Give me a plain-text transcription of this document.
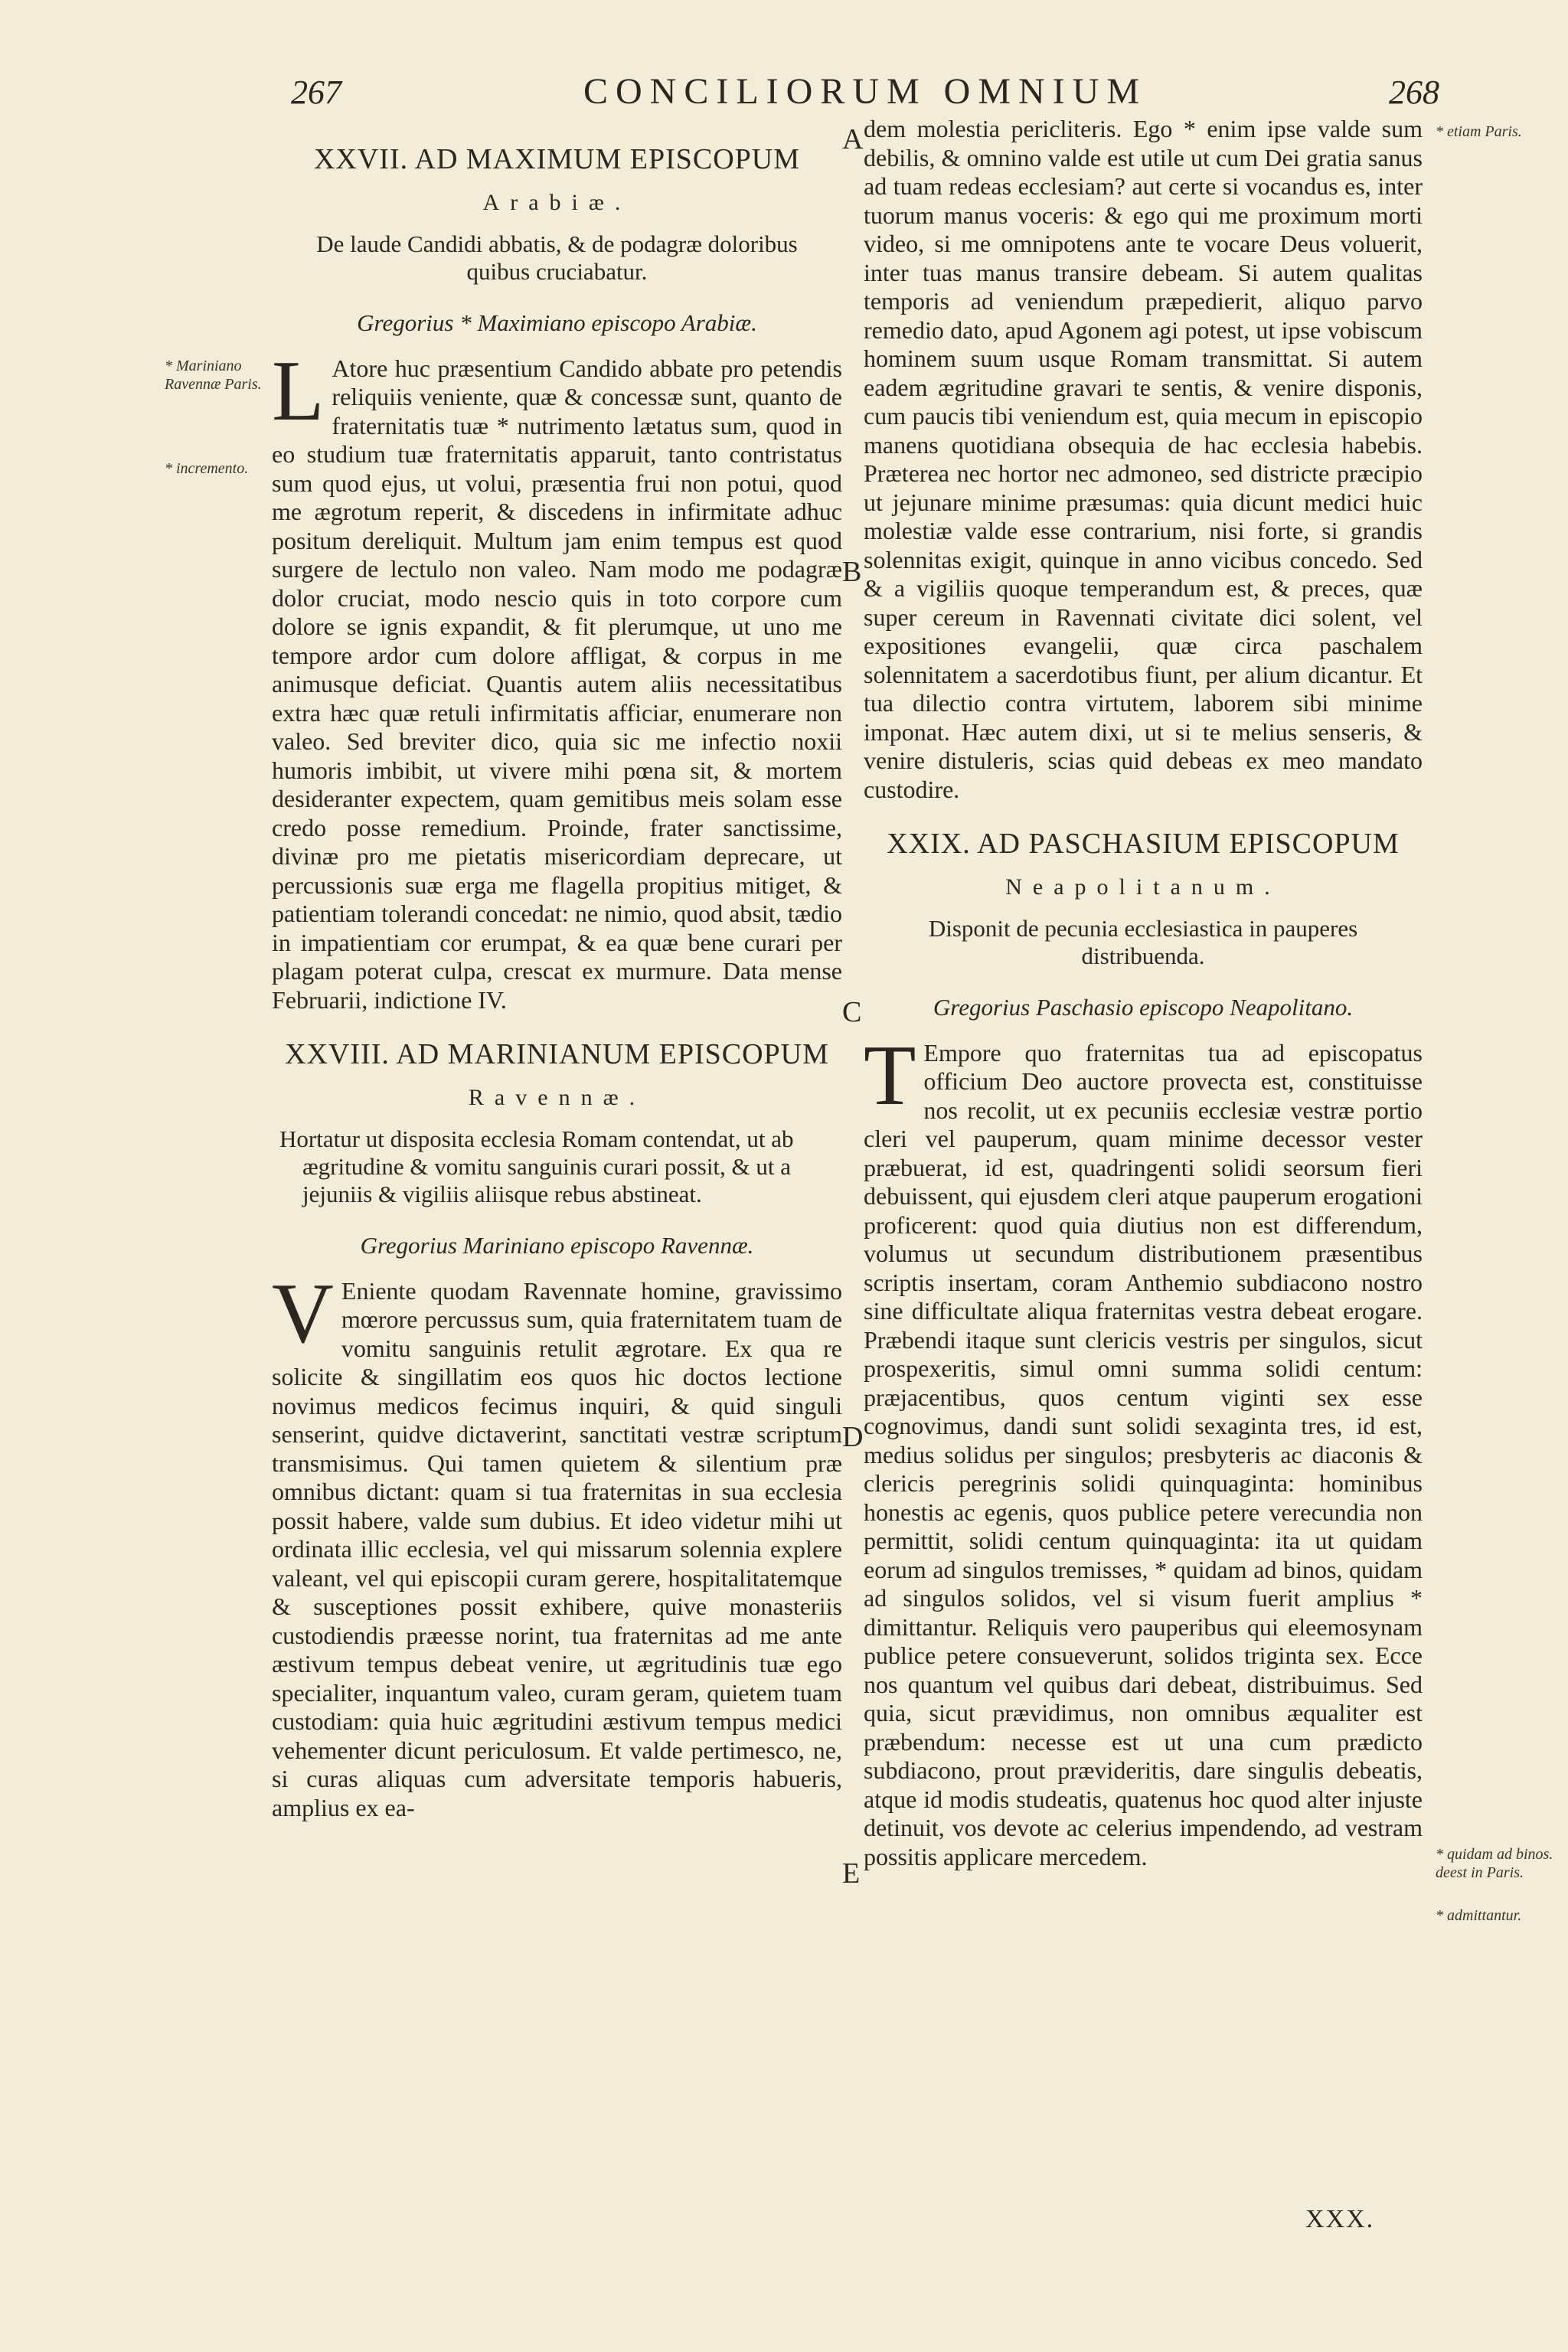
267	CONCILIORUM OMNIUM	268
* Mariniano Ravennæ Paris.
* incremento.
* etiam Paris.
* quidam ad binos. deest in Paris.
* admittantur.
A
B
C
D
E
XXVII. AD MAXIMUM EPISCOPUM
Arabiæ.
De laude Candidi abbatis, & de podagræ doloribus quibus cruciabatur.
Gregorius * Maximiano episcopo Arabiæ.

L Atore huc præsentium Candido abbate pro petendis reliquiis veniente, quæ & concessæ sunt, quanto de fraternitatis tuæ * nutrimento lætatus sum, quod in eo studium tuæ fraternitatis apparuit, tanto contristatus sum quod ejus, ut volui, præsentia frui non potui, quod me ægrotum reperit, & discedens in infirmitate adhuc positum dereliquit. Multum jam enim tempus est quod surgere de lectulo non valeo. Nam modo me podagræ dolor cruciat, modo nescio quis in toto corpore cum dolore se ignis expandit, & fit plerumque, ut uno me tempore ardor cum dolore affligat, & corpus in me animusque deficiat. Quantis autem aliis necessitatibus extra hæc quæ retuli infirmitatis afficiar, enumerare non valeo. Sed breviter dico, quia sic me infectio noxii humoris imbibit, ut vivere mihi pœna sit, & mortem desideranter expectem, quam gemitibus meis solam esse credo posse remedium. Proinde, frater sanctissime, divinæ pro me pietatis misericordiam deprecare, ut percussionis suæ erga me flagella propitius mitiget, & patientiam tolerandi concedat: ne nimio, quod absit, tædio in impatientiam cor erumpat, & ea quæ bene curari per plagam poterat culpa, crescat ex murmure. Data mense Februarii, indictione IV.

XXVIII. AD MARINIANUM EPISCOPUM
Ravennæ.
Hortatur ut disposita ecclesia Romam contendat, ut ab ægritudine & vomitu sanguinis curari possit, & ut a jejuniis & vigiliis aliisque rebus abstineat.
Gregorius Mariniano episcopo Ravennæ.

V Eniente quodam Ravennate homine, gravissimo mœrore percussus sum, quia fraternitatem tuam de vomitu sanguinis retulit ægrotare. Ex qua re solicite & singillatim eos quos hic doctos lectione novimus medicos fecimus inquiri, & quid singuli senserint, quidve dictaverint, sanctitati vestræ scriptum transmisimus. Qui tamen quietem & silentium præ omnibus dictant: quam si tua fraternitas in sua ecclesia possit habere, valde sum dubius. Et ideo videtur mihi ut ordinata illic ecclesia, vel qui missarum solennia explere valeant, vel qui episcopii curam gerere, hospitalitatemque & susceptiones possit exhibere, quive monasteriis custodiendis præesse norint, tua fraternitas ad me ante æstivum tempus debeat venire, ut ægritudinis tuæ ego specialiter, inquantum valeo, curam geram, quietem tuam custodiam: quia huic ægritudini æstivum tempus medici vehementer dicunt periculosum. Et valde pertimesco, ne, si curas aliquas cum adversitate temporis habueris, amplius ex ea-

dem molestia pericliteris. Ego * enim ipse valde sum debilis, & omnino valde est utile ut cum Dei gratia sanus ad tuam redeas ecclesiam? aut certe si vocandus es, inter tuorum manus voceris: & ego qui me proximum morti video, si me omnipotens ante te vocare Deus voluerit, inter tuas manus transire debeam. Si autem qualitas temporis ad veniendum præpedierit, aliquo parvo remedio dato, apud Agonem agi potest, ut ipse vobiscum hominem suum usque Romam transmittat. Si autem eadem ægritudine gravari te sentis, & venire disponis, cum paucis tibi veniendum est, quia mecum in episcopio manens quotidiana obsequia de hac ecclesia habebis. Præterea nec hortor nec admoneo, sed districte præcipio ut jejunare minime præsumas: quia dicunt medici huic molestiæ valde esse contrarium, nisi forte, si grandis solennitas exigit, quinque in anno vicibus concedo. Sed & a vigiliis quoque temperandum est, & preces, quæ super cereum in Ravennati civitate dici solent, vel expositiones evangelii, quæ circa paschalem solennitatem a sacerdotibus fiunt, per alium dicantur. Et tua dilectio contra virtutem, laborem sibi minime imponat. Hæc autem dixi, ut si te melius senseris, & venire distuleris, scias quid debeas ex meo mandato custodire.

XXIX. AD PASCHASIUM EPISCOPUM
Neapolitanum.
Disponit de pecunia ecclesiastica in pauperes distribuenda.
Gregorius Paschasio episcopo Neapolitano.

T Empore quo fraternitas tua ad episcopatus officium Deo auctore provecta est, constituisse nos recolit, ut ex pecuniis ecclesiæ vestræ portio cleri vel pauperum, quam minime decessor vester præbuerat, id est, quadringenti solidi seorsum fieri debuissent, qui ejusdem cleri atque pauperum erogationi proficerent: quod quia diutius non est differendum, volumus ut secundum distributionem præsentibus scriptis insertam, coram Anthemio subdiacono nostro sine difficultate aliqua fraternitas vestra debeat erogare. Præbendi itaque sunt clericis vestris per singulos, sicut prospexeritis, simul omni summa solidi centum: præjacentibus, quos centum viginti sex esse cognovimus, dandi sunt solidi sexaginta tres, id est, medius solidus per singulos; presbyteris ac diaconis & clericis peregrinis solidi quinquaginta: hominibus honestis ac egenis, quos publice petere verecundia non permittit, solidi centum quinquaginta: ita ut quidam eorum ad singulos tremisses, * quidam ad binos, quidam ad singulos solidos, vel si visum fuerit amplius * dimittantur. Reliquis vero pauperibus qui eleemosynam publice petere consueverunt, solidos triginta sex. Ecce nos quantum vel quibus dari debeat, distribuimus. Sed quia, sicut prævidimus, non omnibus æqualiter est præbendum: necesse est ut una cum prædicto subdiacono, prout prævideritis, dare singulis debeatis, atque id modis studeatis, quatenus hoc quod alter injuste detinuit, vos devote ac celerius impendendo, ad vestram possitis applicare mercedem.

XXX.
